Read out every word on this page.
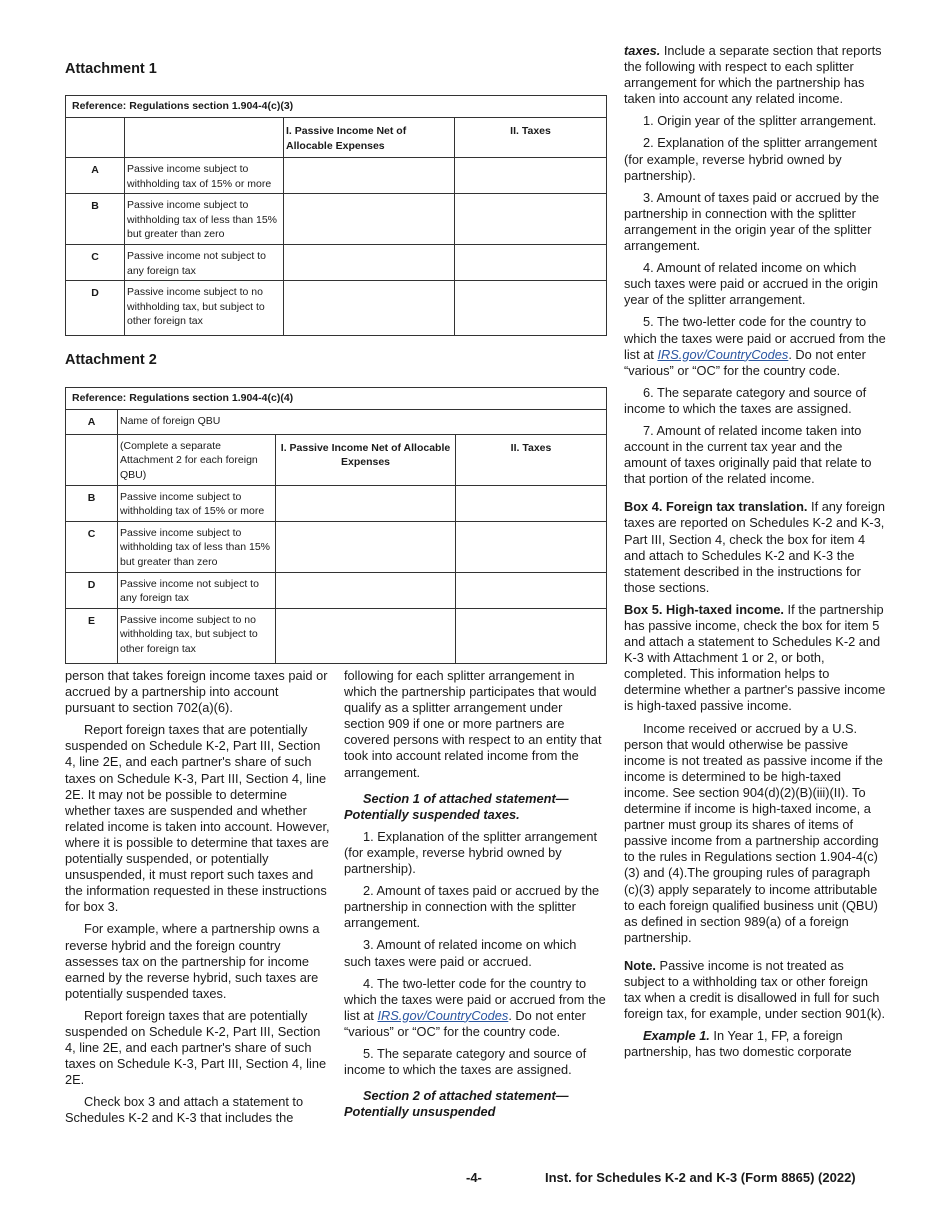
Attachment 1
Reference: Regulations section 1.904-4(c)(3)			
		I. Passive Income Net of Allocable Expenses	II. Taxes
A	Passive income subject to withholding tax of 15% or more		
B	Passive income subject to withholding tax of less than 15% but greater than zero		
C	Passive income not subject to any foreign tax		
D	Passive income subject to no withholding tax, but subject to other foreign tax		
Attachment 2
Reference: Regulations section 1.904-4(c)(4)			
A	Name of foreign QBU		
	(Complete a separate Attachment 2 for each foreign QBU)	I. Passive Income Net of Allocable Expenses	II. Taxes
B	Passive income subject to withholding tax of 15% or more		
C	Passive income subject to withholding tax of less than 15% but greater than zero		
D	Passive income not subject to any foreign tax		
E	Passive income subject to no withholding tax, but subject to other foreign tax		

person that takes foreign income taxes paid or accrued by a partnership into account pursuant to section 702(a)(6).

Report foreign taxes that are potentially suspended on Schedule K-2, Part III, Section 4, line 2E, and each partner's share of such taxes on Schedule K-3, Part III, Section 4, line 2E. It may not be possible to determine whether taxes are suspended and whether related income is taken into account. However, where it is possible to determine that taxes are potentially suspended, or potentially unsuspended, it must report such taxes and the information requested in these instructions for box 3.

For example, where a partnership owns a reverse hybrid and the foreign country assesses tax on the partnership for income earned by the reverse hybrid, such taxes are potentially suspended taxes.

Report foreign taxes that are potentially suspended on Schedule K-2, Part III, Section 4, line 2E, and each partner's share of such taxes on Schedule K-3, Part III, Section 4, line 2E.

Check box 3 and attach a statement to Schedules K-2 and K-3 that includes the

following for each splitter arrangement in which the partnership participates that would qualify as a splitter arrangement under section 909 if one or more partners are covered persons with respect to an entity that took into account related income from the arrangement.

Section 1 of attached statement—Potentially suspended taxes.

1. Explanation of the splitter arrangement (for example, reverse hybrid owned by partnership).

2. Amount of taxes paid or accrued by the partnership in connection with the splitter arrangement.

3. Amount of related income on which such taxes were paid or accrued.

4. The two-letter code for the country to which the taxes were paid or accrued from the list at IRS.gov/CountryCodes. Do not enter “various” or “OC” for the country code.

5. The separate category and source of income to which the taxes are assigned.

Section 2 of attached statement—Potentially unsuspended

taxes. Include a separate section that reports the following with respect to each splitter arrangement for which the partnership has taken into account any related income.

1. Origin year of the splitter arrangement.

2. Explanation of the splitter arrangement (for example, reverse hybrid owned by partnership).

3. Amount of taxes paid or accrued by the partnership in connection with the splitter arrangement in the origin year of the splitter arrangement.

4. Amount of related income on which such taxes were paid or accrued in the origin year of the splitter arrangement.

5. The two-letter code for the country to which the taxes were paid or accrued from the list at IRS.gov/CountryCodes. Do not enter “various” or “OC” for the country code.

6. The separate category and source of income to which the taxes are assigned.

7. Amount of related income taken into account in the current tax year and the amount of taxes originally paid that relate to that portion of the related income.

Box 4. Foreign tax translation. If any foreign taxes are reported on Schedules K-2 and K-3, Part III, Section 4, check the box for item 4 and attach to Schedules K-2 and K-3 the statement described in the instructions for those sections.

Box 5. High-taxed income. If the partnership has passive income, check the box for item 5 and attach a statement to Schedules K-2 and K-3 with Attachment 1 or 2, or both, completed. This information helps to determine whether a partner's passive income is high-taxed passive income.

Income received or accrued by a U.S. person that would otherwise be passive income is not treated as passive income if the income is determined to be high-taxed income. See section 904(d)(2)(B)(iii)(II). To determine if income is high-taxed income, a partner must group its shares of items of passive income from a partnership according to the rules in Regulations section 1.904-4(c)(3) and (4).The grouping rules of paragraph (c)(3) apply separately to income attributable to each foreign qualified business unit (QBU) as defined in section 989(a) of a foreign partnership.

Note. Passive income is not treated as subject to a withholding tax or other foreign tax when a credit is disallowed in full for such foreign tax, for example, under section 901(k).

Example 1. In Year 1, FP, a foreign partnership, has two domestic corporate

-4-	Inst. for Schedules K-2 and K-3 (Form 8865) (2022)
